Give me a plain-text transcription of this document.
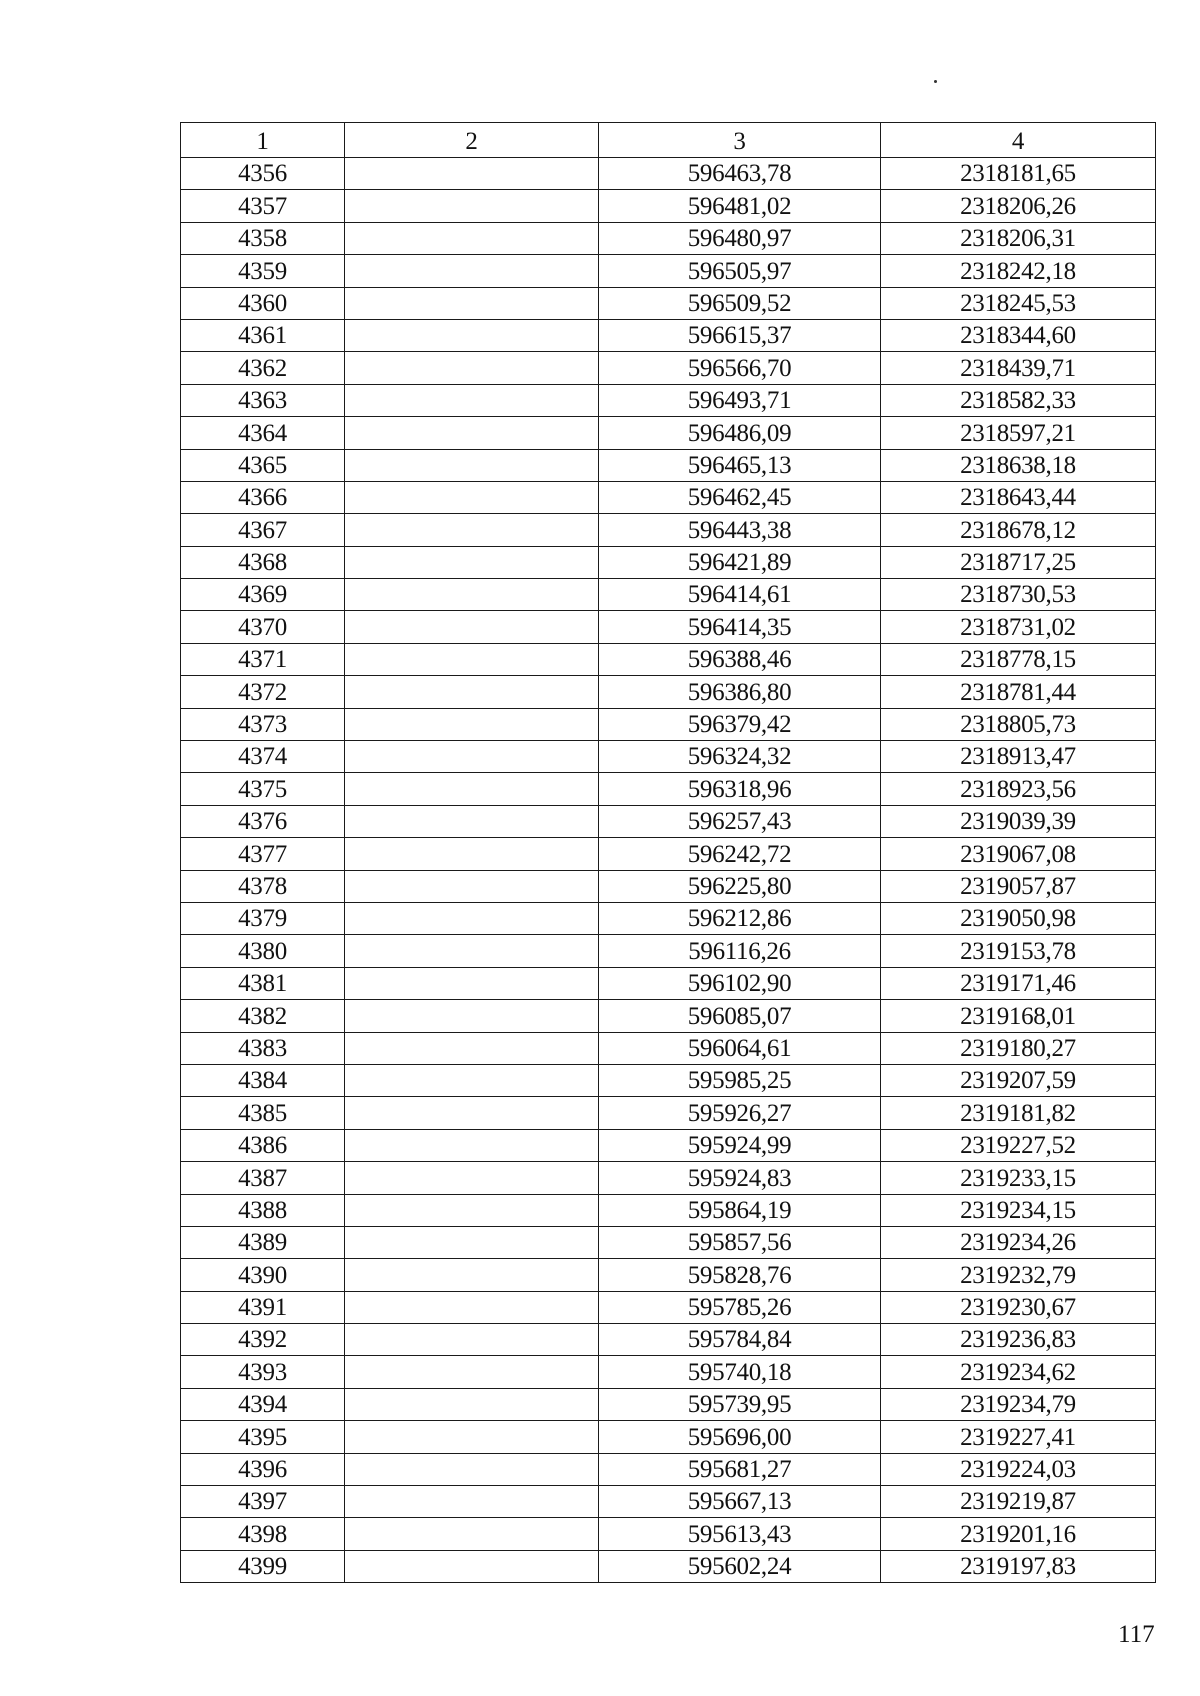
1	2	3	4
4356		596463,78	2318181,65
4357		596481,02	2318206,26
4358		596480,97	2318206,31
4359		596505,97	2318242,18
4360		596509,52	2318245,53
4361		596615,37	2318344,60
4362		596566,70	2318439,71
4363		596493,71	2318582,33
4364		596486,09	2318597,21
4365		596465,13	2318638,18
4366		596462,45	2318643,44
4367		596443,38	2318678,12
4368		596421,89	2318717,25
4369		596414,61	2318730,53
4370		596414,35	2318731,02
4371		596388,46	2318778,15
4372		596386,80	2318781,44
4373		596379,42	2318805,73
4374		596324,32	2318913,47
4375		596318,96	2318923,56
4376		596257,43	2319039,39
4377		596242,72	2319067,08
4378		596225,80	2319057,87
4379		596212,86	2319050,98
4380		596116,26	2319153,78
4381		596102,90	2319171,46
4382		596085,07	2319168,01
4383		596064,61	2319180,27
4384		595985,25	2319207,59
4385		595926,27	2319181,82
4386		595924,99	2319227,52
4387		595924,83	2319233,15
4388		595864,19	2319234,15
4389		595857,56	2319234,26
4390		595828,76	2319232,79
4391		595785,26	2319230,67
4392		595784,84	2319236,83
4393		595740,18	2319234,62
4394		595739,95	2319234,79
4395		595696,00	2319227,41
4396		595681,27	2319224,03
4397		595667,13	2319219,87
4398		595613,43	2319201,16
4399		595602,24	2319197,83
117
